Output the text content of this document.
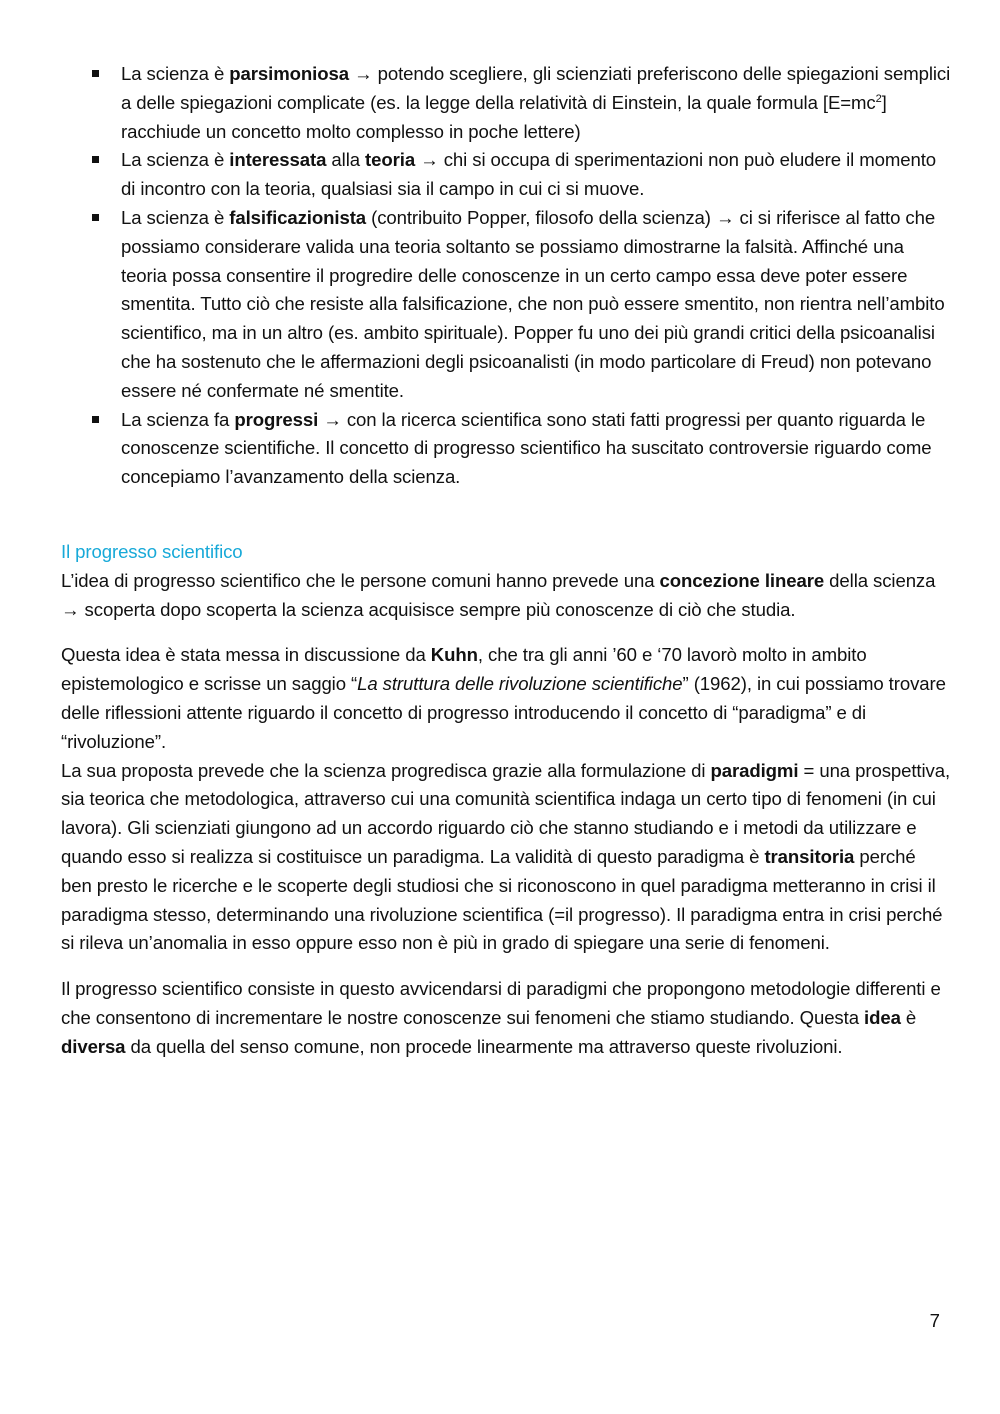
La scienza è parsimoniosa → potendo scegliere, gli scienziati preferiscono delle spiegazioni semplici a delle spiegazioni complicate (es. la legge della relatività di Einstein, la quale formula $[E=mc^2]$ racchiude un concetto molto complesso in poche lettere)
La scienza è interessata alla teoria → chi si occupa di sperimentazioni non può eludere il momento di incontro con la teoria, qualsiasi sia il campo in cui ci si muove.
La scienza è falsificazionista (contribuito Popper, filosofo della scienza) → ci si riferisce al fatto che possiamo considerare valida una teoria soltanto se possiamo dimostrarne la falsità. Affinché una teoria possa consentire il progredire delle conoscenze in un certo campo essa deve poter essere smentita. Tutto ciò che resiste alla falsificazione, che non può essere smentito, non rientra nell’ambito scientifico, ma in un altro (es. ambito spirituale). Popper fu uno dei più grandi critici della psicoanalisi che ha sostenuto che le affermazioni degli psicoanalisti (in modo particolare di Freud) non potevano essere né confermate né smentite.
La scienza fa progressi → con la ricerca scientifica sono stati fatti progressi per quanto riguarda le conoscenze scientifiche. Il concetto di progresso scientifico ha suscitato controversie riguardo come concepiamo l’avanzamento della scienza.
Il progresso scientifico

L’idea di progresso scientifico che le persone comuni hanno prevede una concezione lineare della scienza → scoperta dopo scoperta la scienza acquisisce sempre più conoscenze di ciò che studia.

Questa idea è stata messa in discussione da Kuhn, che tra gli anni ’60 e ‘70 lavorò molto in ambito epistemologico e scrisse un saggio “La struttura delle rivoluzione scientifiche” (1962), in cui possiamo trovare delle riflessioni attente riguardo il concetto di progresso introducendo il concetto di “paradigma” e di “rivoluzione”.

La sua proposta prevede che la scienza progredisca grazie alla formulazione di paradigmi = una prospettiva, sia teorica che metodologica, attraverso cui una comunità scientifica indaga un certo tipo di fenomeni (in cui lavora). Gli scienziati giungono ad un accordo riguardo ciò che stanno studiando e i metodi da utilizzare e quando esso si realizza si costituisce un paradigma. La validità di questo paradigma è transitoria perché ben presto le ricerche e le scoperte degli studiosi che si riconoscono in quel paradigma metteranno in crisi il paradigma stesso, determinando una rivoluzione scientifica (=il progresso). Il paradigma entra in crisi perché si rileva un’anomalia in esso oppure esso non è più in grado di spiegare una serie di fenomeni.

Il progresso scientifico consiste in questo avvicendarsi di paradigmi che propongono metodologie differenti e che consentono di incrementare le nostre conoscenze sui fenomeni che stiamo studiando. Questa idea è diversa da quella del senso comune, non procede linearmente ma attraverso queste rivoluzioni.

7
